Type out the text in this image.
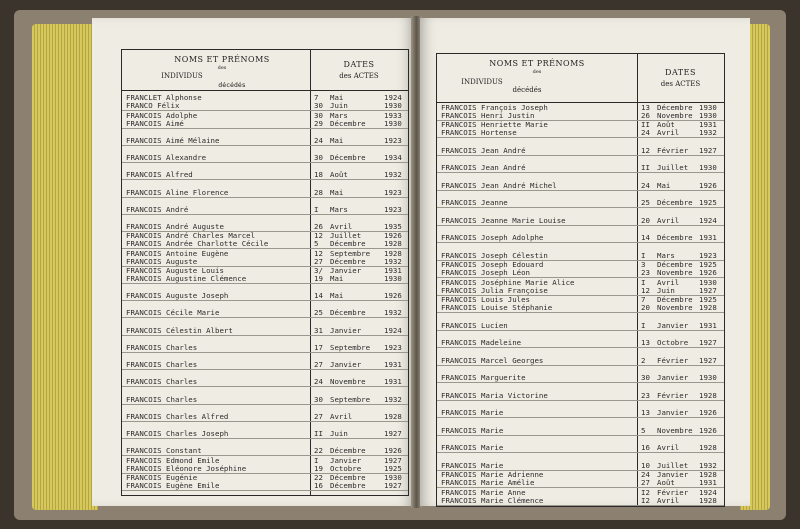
NOMS ET PRÉNOMS
des
INDIVIDUS
décédés
DATES
des ACTES
FRANCLET Alphonse	7 Mai	1924
FRANCO Félix	30 Juin	1930
FRANCOIS Adolphe	30 Mars	1933
FRANCOIS Aimé	29 Décembre 1930
FRANCOIS Aimé Mélaine	24 Mai	1923
FRANCOIS Alexandre	30 Décembre 1934
FRANCOIS Alfred	18 Août	1932
FRANCOIS Aline Florence	28 Mai	1923
FRANCOIS André	I Mars	1923
FRANCOIS André Auguste	26 Avril	1935
FRANCOIS André Charles Marcel	12 Juillet	1926
FRANCOIS Andrée Charlotte Cécile	5 Décembre 1928
FRANCOIS Antoine Eugène	12 Septembre 1928
FRANCOIS Auguste	27 Décembre 1932
FRANCOIS Auguste Louis	3/ Janvier	1931
FRANCOIS Augustine Clémence	19 Mai	1930
FRANCOIS Auguste Joseph	14 Mai	1926
FRANCOIS Cécile Marie	25 Décembre 1932
FRANCOIS Célestin Albert	31 Janvier	1924
FRANCOIS Charles	17 Septembre 1923
FRANCOIS Charles	27 Janvier	1931
FRANCOIS Charles	24 Novembre 1931
FRANCOIS Charles	30 Septembre 1932
FRANCOIS Charles Alfred	27 Avril	1928
FRANCOIS Charles Joseph	II Juin	1927
FRANCOIS Constant	22 Décembre 1926
FRANCOIS Edmond Emile	I Janvier	1927
FRANCOIS Eléonore Joséphine	19 Octobre	1925
FRANCOIS Eugénie	22 Décembre 1930
FRANCOIS Eugène Emile	16 Décembre 1927
NOMS ET PRÉNOMS
des
INDIVIDUS
décédés
DATES
des ACTES
FRANCOIS François Joseph	13 Décembre 1930
FRANCOIS Henri Justin	26 Novembre 1930
FRANCOIS Henriette Marie	II Août	1931
FRANCOIS Hortense	24 Avril	1932
FRANCOIS Jean André	12 Février 1927
FRANCOIS Jean André	II Juillet 1930
FRANCOIS Jean André Michel	24 Mai	1926
FRANCOIS Jeanne	25 Décembre 1925
FRANCOIS Jeanne Marie Louise	20 Avril	1924
FRANCOIS Joseph Adolphe	14 Décembre 1931
FRANCOIS Joseph Célestin	I Mars	1923
FRANCOIS Joseph Edouard	3 Décembre 1925
FRANCOIS Joseph Léon	23 Novembre 1926
FRANCOIS Joséphine Marie Alice	I Avril	1930
FRANCOIS Julia Françoise	12 Juin	1927
FRANCOIS Louis Jules	7 Décembre 1925
FRANCOIS Louise Stéphanie	20 Novembre 1928
FRANCOIS Lucien	I Janvier 1931
FRANCOIS Madeleine	13 Octobre 1927
FRANCOIS Marcel Georges	2 Février 1927
FRANCOIS Marguerite	30 Janvier 1930
FRANCOIS Maria Victorine	23 Février 1928
FRANCOIS Marie	13 Janvier 1926
FRANCOIS Marie	5 Novembre 1926
FRANCOIS Marie	16 Avril	1928
FRANCOIS Marie	10 Juillet 1932
FRANCOIS Marie Adrienne	24 Janvier 1928
FRANCOIS Marie Amélie	27 Août	1931
FRANCOIS Marie Anne	I2 Février 1924
FRANCOIS Marie Clémence	I2 Avril	1928
